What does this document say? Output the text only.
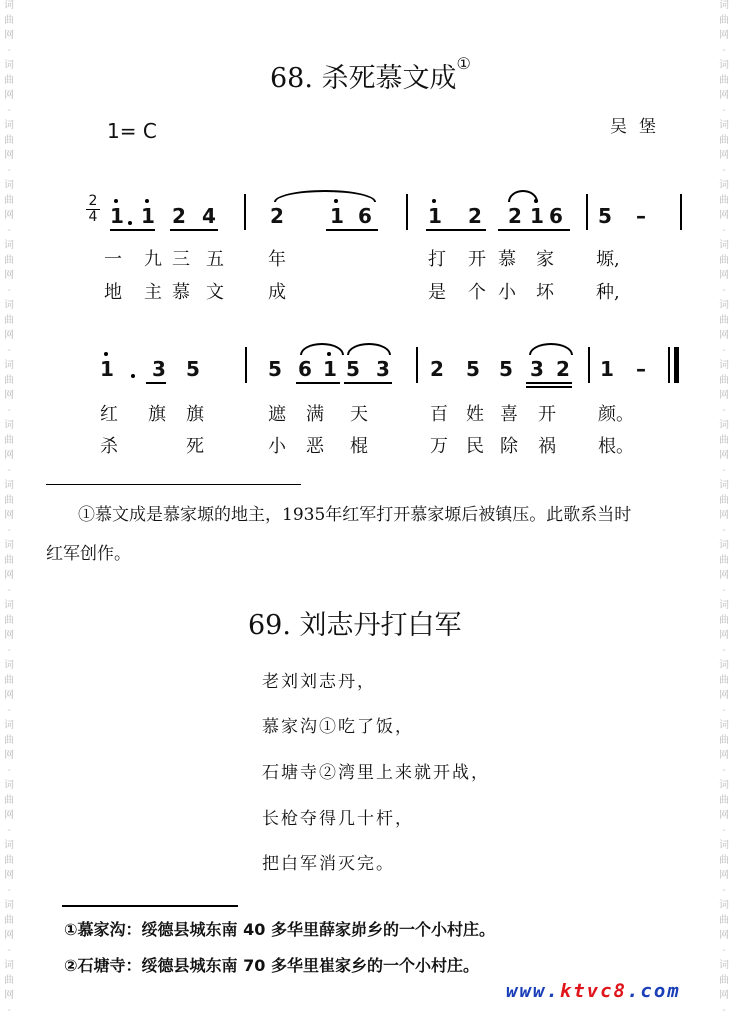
词
曲
网
-
词
曲
网
-
词
曲
网
-
词
曲
网
-
词
曲
网
-
词
曲
网
-
词
曲
网
-
词
曲
网
-
词
曲
网
-
词
曲
网
-
词
曲
网
-
词
曲
网
-
词
曲
网
-
词
曲
网
-
词
曲
网
-
词
曲
网
-
词
曲
网
-
词
曲
网
-
词
曲
网
-
词
曲
网
-
词
曲
网
-
词
曲
网
-
词
曲
网
-
词
曲
网
-
词
曲
网
-
词
曲
网
-
词
曲
网
-
词
曲
网
-
词
曲
网
-
词
曲
网
-
词
曲
网
-
词
曲
网
-
词
曲
网
-
词
曲
网
-
68. 杀死慕文成①
1= C	吴堡
2
4 1 1 2 4	2 1 6	1 2 2 1 6 5 –
1 3 5	5 6 1 5 3 2 5 5 3 2 1 –
一 九 三 五 年	打 开 慕 家 塬,
地 主 慕 文 成	是 个 小 坏 种,
红 旗 旗	遮 满 天	百 姓 喜 开 颜。
杀	死	小 恶 棍	万 民 除 祸 根。
①慕文成是慕家塬的地主，1935年红军打开慕家塬后被镇压。此歌系当时
红军创作。
69. 刘志丹打白军
老刘刘志丹，
慕家沟①吃了饭，
石塘寺②湾里上来就开战，
长枪夺得几十杆，
把白军消灭完。
①慕家沟：绥德县城东南 40 多华里薛家峁乡的一个小村庄。
②石塘寺：绥德县城东南 70 多华里崔家乡的一个小村庄。
www.ktvc8.com
